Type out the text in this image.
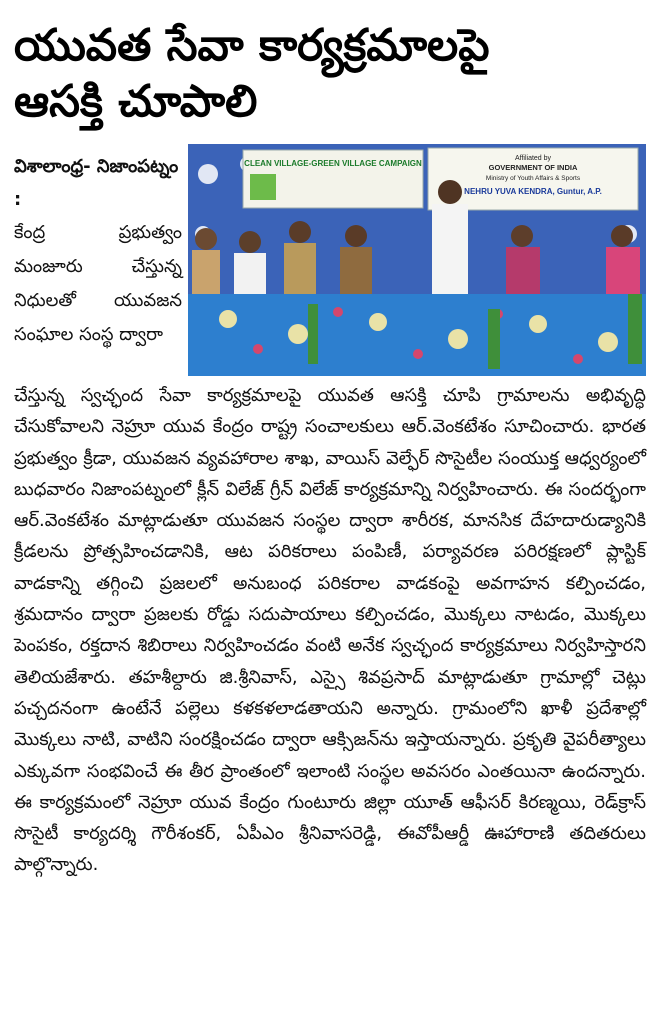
యువత సేవా కార్యక్రమాలపై
ఆసక్తి చూపాలి
విశాలాంధ్ర- నిజాంపట్నం :
కేంద్ర ప్రభుత్వం మంజూరు చేస్తున్న నిధులతో యువజన సంఘాల సంస్థ ద్వారా
CLEAN VILLAGE-GREEN VILLAGE CAMPAIGN
Affiliated by
GOVERNMENT OF INDIA
Ministry of Youth Affairs & Sports
NEHRU YUVA KENDRA, Guntur, A.P.
చేస్తున్న స్వచ్ఛంద సేవా కార్యక్రమాలపై యువత ఆసక్తి చూపి గ్రామాలను అభివృద్ధి చేసుకోవాలని నెహ్రూ యువ కేంద్రం రాష్ట్ర సంచాలకులు ఆర్.వెంకటేశం సూచించారు. భారత ప్రభుత్వం క్రీడా, యువజన వ్యవహారాల శాఖ, వాయిస్ వెల్ఫేర్ సొసైటీల సంయుక్త ఆధ్వర్యంలో బుధవారం నిజాంపట్నంలో క్లీన్ విలేజ్ గ్రీన్ విలేజ్ కార్యక్రమాన్ని నిర్వహించారు. ఈ సందర్భంగా ఆర్.వెంకటేశం మాట్లాడుతూ యువజన సంస్థల ద్వారా శారీరక, మానసిక దేహదారుడ్యానికి క్రీడలను ప్రోత్సహించడానికి, ఆట పరికరాలు పంపిణీ, పర్యావరణ పరిరక్షణలో ప్లాస్టిక్ వాడకాన్ని తగ్గించి ప్రజలలో అనుబంధ పరికరాల వాడకంపై అవగాహన కల్పించడం, శ్రమదానం ద్వారా ప్రజలకు రోడ్డు సదుపాయాలు కల్పించడం, మొక్కలు నాటడం, మొక్కలు పెంపకం, రక్తదాన శిబిరాలు నిర్వహించడం వంటి అనేక స్వచ్ఛంద కార్యక్రమాలు నిర్వహిస్తారని తెలియజేశారు. తహశీల్దారు జి.శ్రీనివాస్, ఎస్సై శివప్రసాద్ మాట్లాడుతూ గ్రామాల్లో చెట్లు పచ్చదనంగా ఉంటేనే పల్లెలు కళకళలాడతాయని అన్నారు. గ్రామంలోని ఖాళీ ప్రదేశాల్లో మొక్కలు నాటి, వాటిని సంరక్షించడం ద్వారా ఆక్సిజన్‌ను ఇస్తాయన్నారు. ప్రకృతి వైపరీత్యాలు ఎక్కువగా సంభవించే ఈ తీర ప్రాంతంలో ఇలాంటి సంస్థల అవసరం ఎంతయినా ఉందన్నారు. ఈ కార్యక్రమంలో నెహ్రూ యువ కేంద్రం గుంటూరు జిల్లా యూత్ ఆఫీసర్ కిరణ్మయి, రెడ్‌క్రాస్ సొసైటీ కార్యదర్శి గౌరీశంకర్, ఏపీఎం శ్రీనివాసరెడ్డి, ఈవోపీఆర్డీ ఊహారాణి తదితరులు పాల్గొన్నారు.
